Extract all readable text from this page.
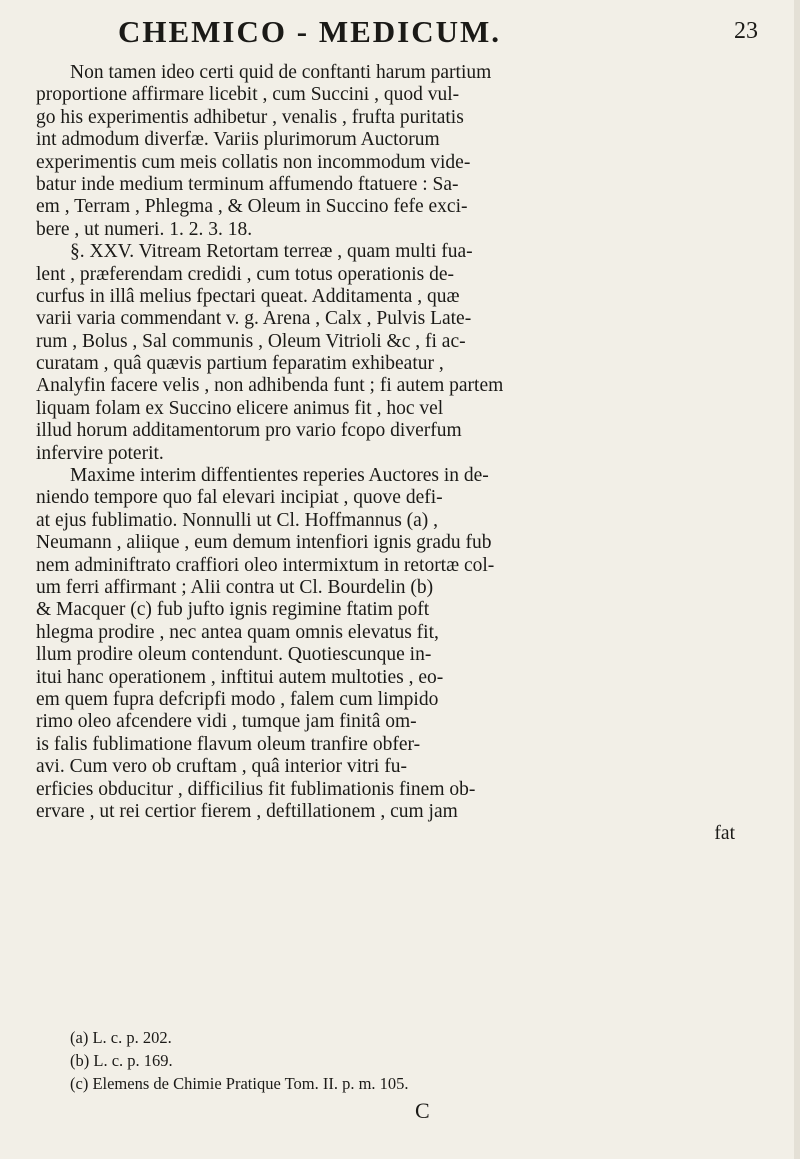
CHEMICO - MEDICUM.	23
Non tamen ideo certi quid de conftanti harum partium
proportione affirmare licebit , cum Succini , quod vul-
go his experimentis adhibetur , venalis , frufta puritatis
int admodum diverfæ. Variis plurimorum Auctorum
experimentis cum meis collatis non incommodum vide-
batur inde medium terminum affumendo ftatuere : Sa-
em , Terram , Phlegma , & Oleum in Succino fefe exci-
bere , ut numeri. 1. 2. 3. 18.
§. XXV. Vitream Retortam terreæ , quam multi fua-
lent , præferendam credidi , cum totus operationis de-
curfus in illâ melius fpectari queat. Additamenta , quæ
varii varia commendant v. g. Arena , Calx , Pulvis Late-
rum , Bolus , Sal communis , Oleum Vitrioli &c , fi ac-
curatam , quâ quævis partium feparatim exhibeatur ,
Analyfin facere velis , non adhibenda funt ; fi autem partem
liquam folam ex Succino elicere animus fit , hoc vel
illud horum additamentorum pro vario fcopo diverfum
infervire poterit.
Maxime interim diffentientes reperies Auctores in de-
niendo tempore quo fal elevari incipiat , quove defi-
at ejus fublimatio. Nonnulli ut Cl. Hoffmannus (a) ,
Neumann , aliique , eum demum intenfiori ignis gradu fub
nem adminiftrato craffiori oleo intermixtum in retortæ col-
um ferri affirmant ; Alii contra ut Cl. Bourdelin (b)
& Macquer (c) fub jufto ignis regimine ftatim poft
hlegma prodire , nec antea quam omnis elevatus fit,
llum prodire oleum contendunt. Quotiescunque in-
itui hanc operationem , inftitui autem multoties , eo-
em quem fupra defcripfi modo , falem cum limpido
rimo oleo afcendere vidi , tumque jam finitâ om-
is falis fublimatione flavum oleum tranfire obfer-
avi. Cum vero ob cruftam , quâ interior vitri fu-
erficies obducitur , difficilius fit fublimationis finem ob-
ervare , ut rei certior fierem , deftillationem , cum jam
fat
(a) L. c. p. 202.
(b) L. c. p. 169.
(c) Elemens de Chimie Pratique Tom. II. p. m. 105.
C
